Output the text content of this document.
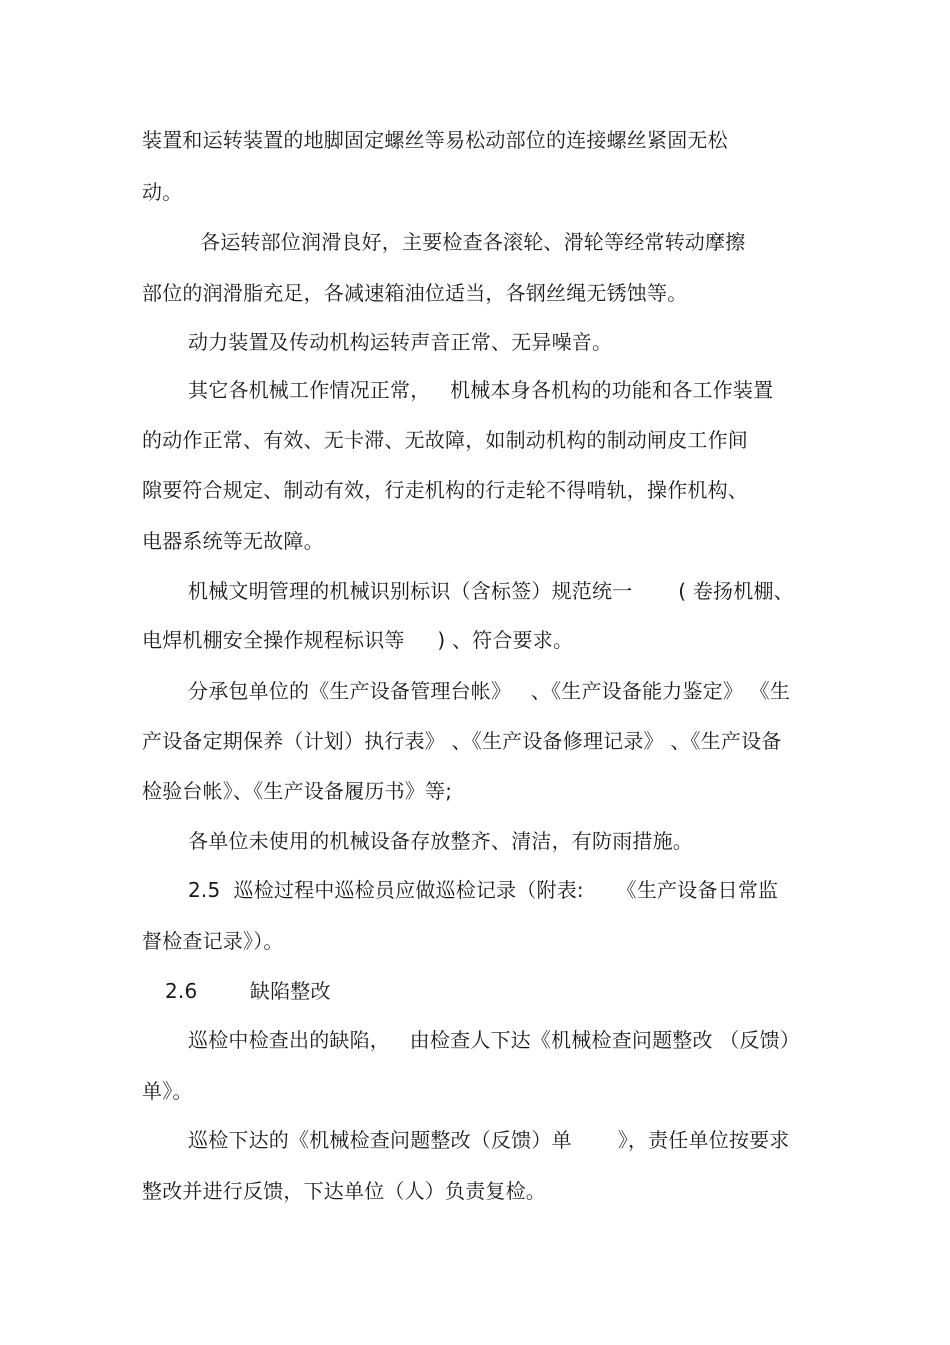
装置和运转装置的地脚固定螺丝等易松动部位的连接螺丝紧固无松
动。
各运转部位润滑良好，主要检查各滚轮、滑轮等经常转动摩擦
部位的润滑脂充足，各减速箱油位适当，各钢丝绳无锈蚀等。
动力装置及传动机构运转声音正常、无异噪音。
其它各机械工作情况正常，   机械本身各机构的功能和各工作装置
的动作正常、有效、无卡滞、无故障，如制动机构的制动闸皮工作间
隙要符合规定、制动有效，行走机构的行走轮不得啃轨，操作机构、
电器系统等无故障。
机械文明管理的机械识别标识（含标签）规范统一       ( 卷扬机棚、
电焊机棚安全操作规程标识等     ) 、符合要求。
分承包单位的《生产设备管理台帐》   、《生产设备能力鉴定》 《生
产设备定期保养（计划）执行表》 、《生产设备修理记录》 、《生产设备
检验台帐》、《生产设备履历书》等;
各单位未使用的机械设备存放整齐、清洁，有防雨措施。
2.5  巡检过程中巡检员应做巡检记录（附表:     《生产设备日常监
督检查记录》）。
2.6        缺陷整改
巡检中检查出的缺陷，   由检查人下达《机械检查问题整改 （反馈）
单》。
巡检下达的《机械检查问题整改（反馈）单       》，责任单位按要求
整改并进行反馈，下达单位（人）负责复检。
